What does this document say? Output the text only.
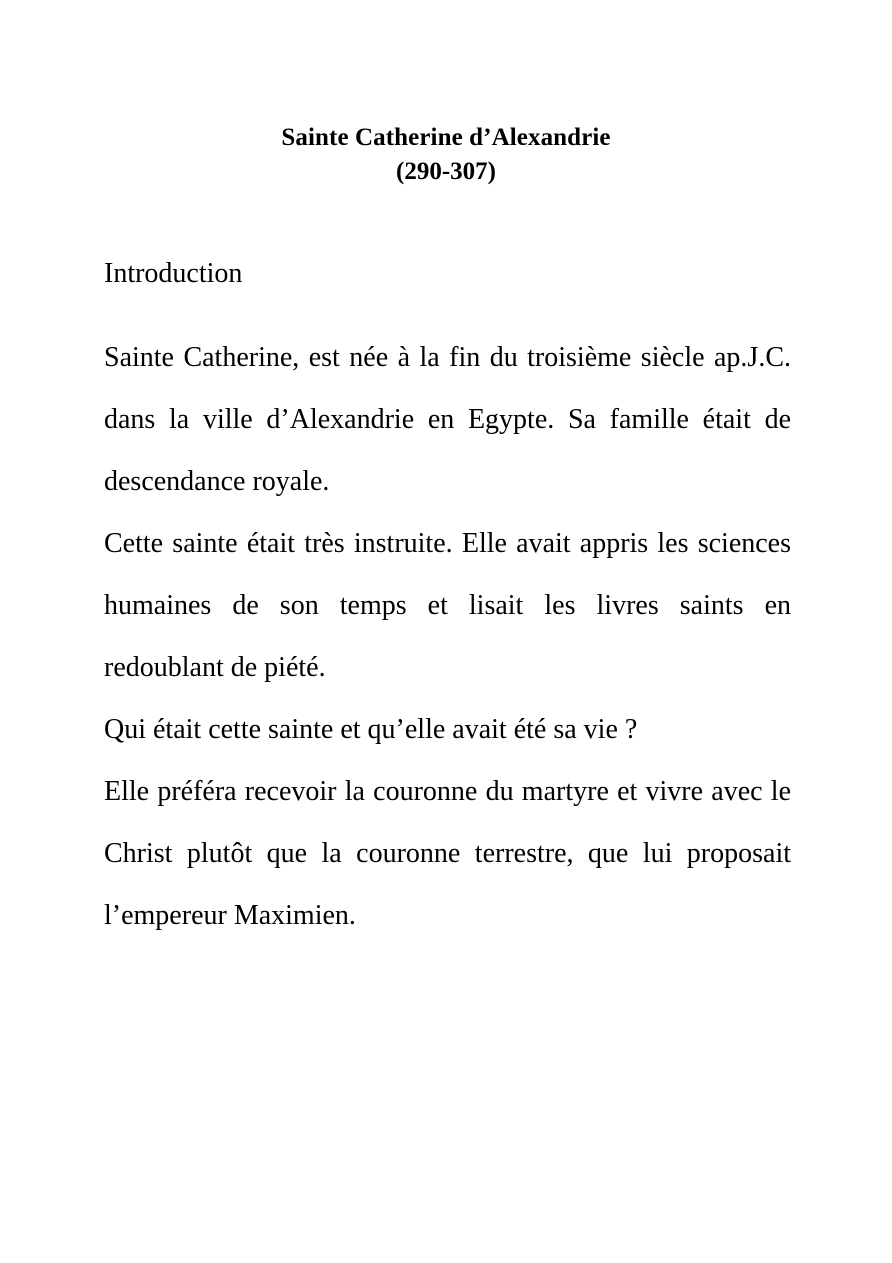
Sainte Catherine d’Alexandrie
(290-307)
Introduction

Sainte Catherine, est née à la fin du troisième siècle ap.J.C. dans la ville d’Alexandrie en Egypte. Sa famille était de descendance royale.

Cette sainte était très instruite. Elle avait appris les sciences humaines de son temps et lisait les livres saints en redoublant de piété.

Qui était cette sainte et qu’elle avait été sa vie ?

Elle préféra recevoir la couronne du martyre et vivre avec le Christ plutôt que la couronne terrestre, que lui proposait l’empereur Maximien.
